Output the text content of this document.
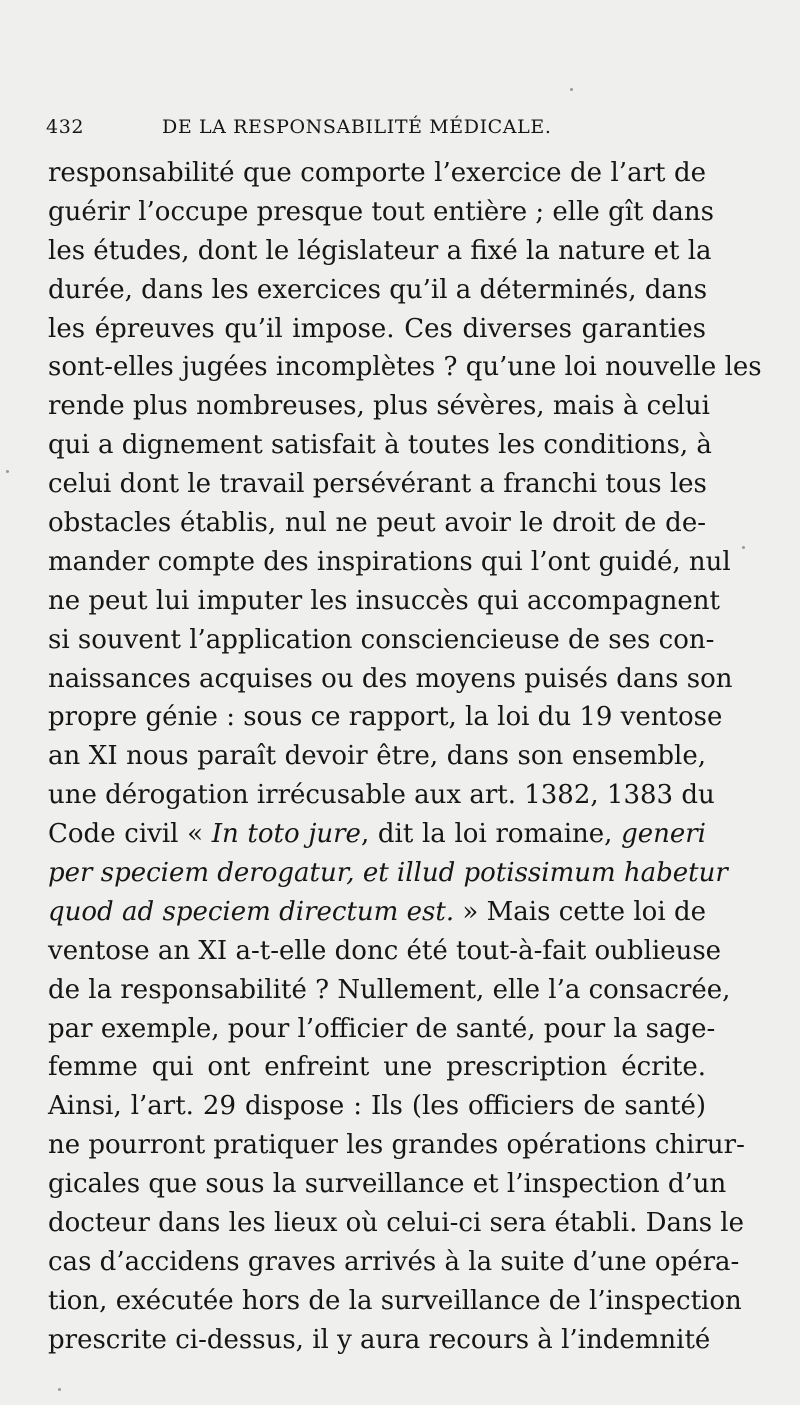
432	DE LA RESPONSABILITÉ MÉDICALE.
responsabilité que comporte l’exercice de l’art de
guérir l’occupe presque tout entière ; elle gît dans
les études, dont le législateur a fixé la nature et la
durée, dans les exercices qu’il a déterminés, dans
les épreuves qu’il impose. Ces diverses garanties
sont-elles jugées incomplètes ? qu’une loi nouvelle les
rende plus nombreuses, plus sévères, mais à celui
qui a dignement satisfait à toutes les conditions, à
celui dont le travail persévérant a franchi tous les
obstacles établis, nul ne peut avoir le droit de de-
mander compte des inspirations qui l’ont guidé, nul
ne peut lui imputer les insuccès qui accompagnent
si souvent l’application consciencieuse de ses con-
naissances acquises ou des moyens puisés dans son
propre génie : sous ce rapport, la loi du 19 ventose
an XI nous paraît devoir être, dans son ensemble,
une dérogation irrécusable aux art. 1382, 1383 du
Code civil « In toto jure, dit la loi romaine, generi
per speciem derogatur, et illud potissimum habetur
quod ad speciem directum est. » Mais cette loi de
ventose an XI a-t-elle donc été tout-à-fait oublieuse
de la responsabilité ? Nullement, elle l’a consacrée,
par exemple, pour l’officier de santé, pour la sage-
femme qui ont enfreint une prescription écrite.
Ainsi, l’art. 29 dispose : Ils (les officiers de santé)
ne pourront pratiquer les grandes opérations chirur-
gicales que sous la surveillance et l’inspection d’un
docteur dans les lieux où celui-ci sera établi. Dans le
cas d’accidens graves arrivés à la suite d’une opéra-
tion, exécutée hors de la surveillance de l’inspection
prescrite ci-dessus, il y aura recours à l’indemnité
